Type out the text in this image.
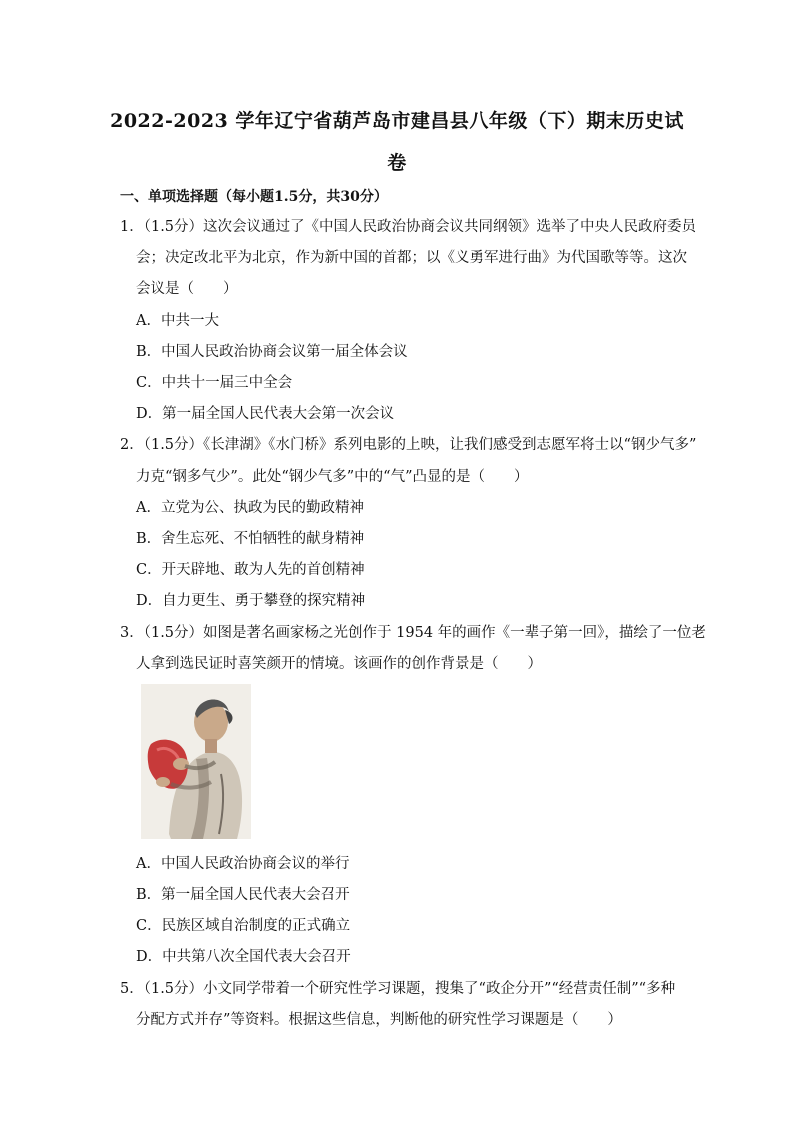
2022-2023 学年辽宁省葫芦岛市建昌县八年级（下）期末历史试
卷
一、单项选择题（每小题1.5分，共30分）
1．（1.5分）这次会议通过了《中国人民政治协商会议共同纲领》选举了中央人民政府委员
会；决定改北平为北京，作为新中国的首都；以《义勇军进行曲》为代国歌等等。这次
会议是（　　）
A．中共一大
B．中国人民政治协商会议第一届全体会议
C．中共十一届三中全会
D．第一届全国人民代表大会第一次会议
2．（1.5分）《长津湖》《水门桥》系列电影的上映，让我们感受到志愿军将士以“钢少气多”
力克“钢多气少”。此处“钢少气多”中的“气”凸显的是（　　）
A．立党为公、执政为民的勤政精神
B．舍生忘死、不怕牺牲的献身精神
C．开天辟地、敢为人先的首创精神
D．自力更生、勇于攀登的探究精神
3．（1.5分）如图是著名画家杨之光创作于 1954 年的画作《一辈子第一回》，描绘了一位老
人拿到选民证时喜笑颜开的情境。该画作的创作背景是（　　）
A．中国人民政治协商会议的举行
B．第一届全国人民代表大会召开
C．民族区域自治制度的正式确立
D．中共第八次全国代表大会召开
5．（1.5分）小文同学带着一个研究性学习课题，搜集了“政企分开”“经营责任制”“多种
分配方式并存”等资料。根据这些信息，判断他的研究性学习课题是（　　）
